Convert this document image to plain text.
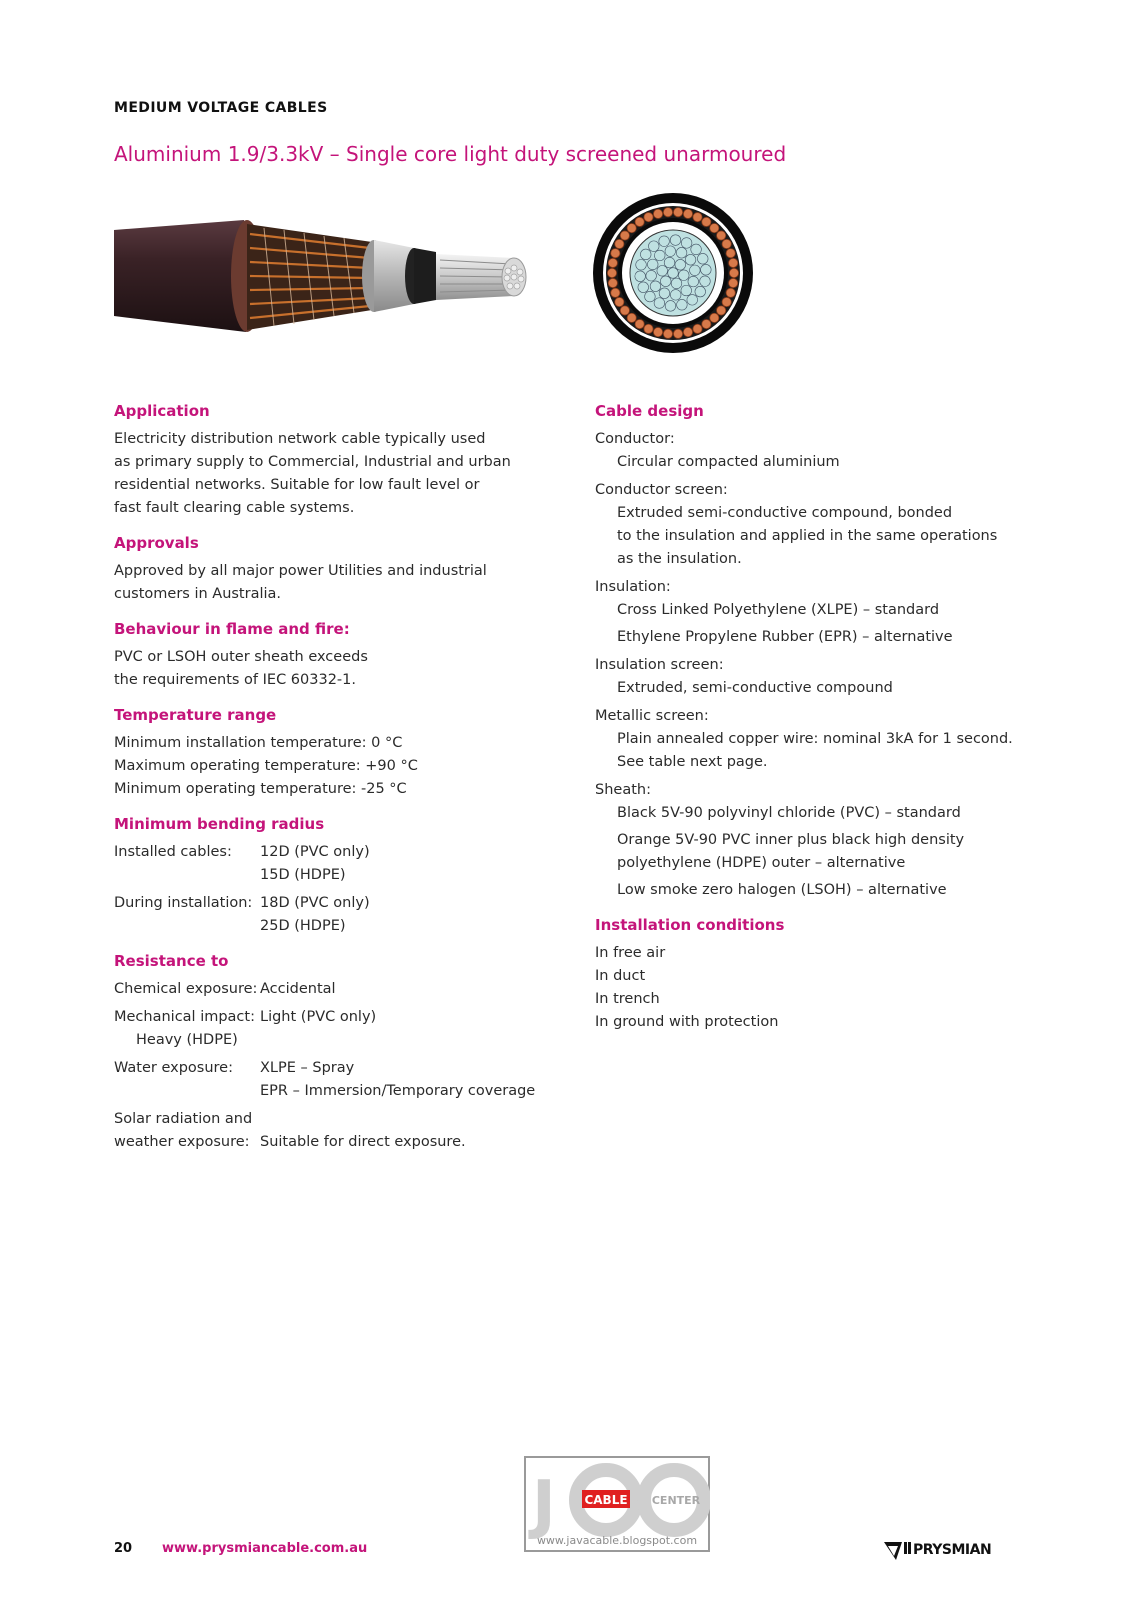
MEDIUM VOLTAGE CABLES
Aluminium 1.9/3.3kV – Single core light duty screened unarmoured
Application
Electricity distribution network cable typically used
as primary supply to Commercial, Industrial and urban
residential networks. Suitable for low fault level or
fast fault clearing cable systems.
Approvals
Approved by all major power Utilities and industrial
customers in Australia.
Behaviour in flame and fire:
PVC or LSOH outer sheath exceeds
the requirements of IEC 60332-1.
Temperature range
Minimum installation temperature: 0 °C
Maximum operating temperature: +90 °C
Minimum operating temperature: -25 °C
Minimum bending radius
Installed cables:	12D (PVC only)
15D (HDPE)
During installation: 18D (PVC only)
25D (HDPE)
Resistance to
Chemical exposure: Accidental
Mechanical impact: Light (PVC only)
Heavy (HDPE)
Water exposure:	XLPE – Spray
EPR – Immersion/Temporary coverage
Solar radiation and
weather exposure:
Suitable for direct exposure.
Cable design
Conductor:
Circular compacted aluminium
Conductor screen:
Extruded semi-conductive compound, bonded
to the insulation and applied in the same operations
as the insulation.
Insulation:
Cross Linked Polyethylene (XLPE) – standard
Ethylene Propylene Rubber (EPR) – alternative
Insulation screen:
Extruded, semi-conductive compound
Metallic screen:
Plain annealed copper wire: nominal 3kA for 1 second.
See table next page.
Sheath:
Black 5V-90 polyvinyl chloride (PVC) – standard
Orange 5V-90 PVC inner plus black high density
polyethylene (HDPE) outer – alternative
Low smoke zero halogen (LSOH) – alternative
Installation conditions
In free air
In duct
In trench
In ground with protection
J CABLE CENTER
www.javacable.blogspot.com
20 www.prysmiancable.com.au	PRYSMIAN
